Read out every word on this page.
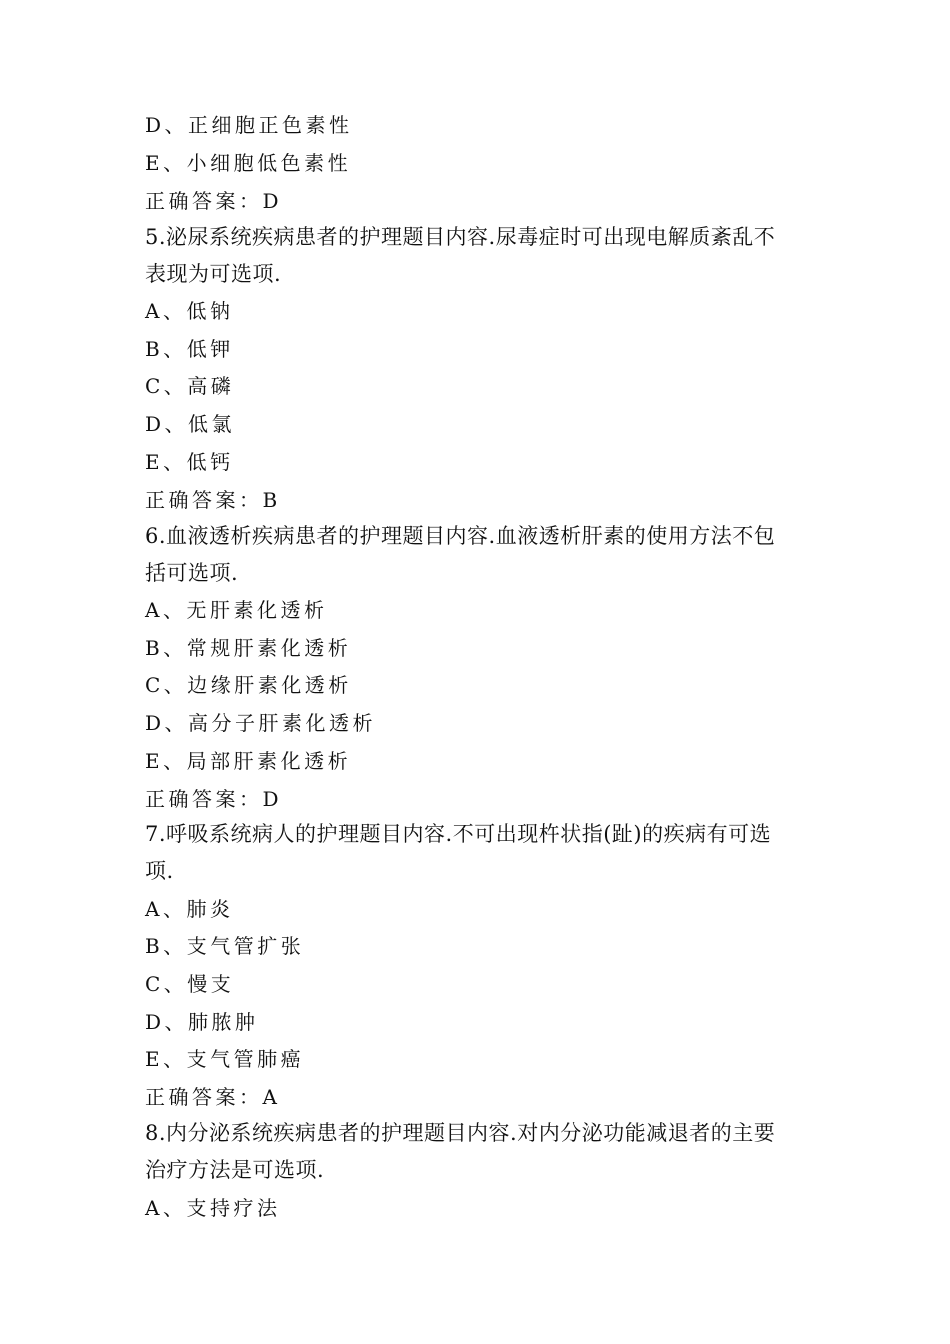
D、正细胞正色素性
E、小细胞低色素性
正确答案：D
5.泌尿系统疾病患者的护理题目内容.尿毒症时可出现电解质紊乱不
表现为可选项.
A、低钠
B、低钾
C、高磷
D、低氯
E、低钙
正确答案：B
6.血液透析疾病患者的护理题目内容.血液透析肝素的使用方法不包
括可选项.
A、无肝素化透析
B、常规肝素化透析
C、边缘肝素化透析
D、高分子肝素化透析
E、局部肝素化透析
正确答案：D
7.呼吸系统病人的护理题目内容.不可出现杵状指(趾)的疾病有可选
项.
A、肺炎
B、支气管扩张
C、慢支
D、肺脓肿
E、支气管肺癌
正确答案：A
8.内分泌系统疾病患者的护理题目内容.对内分泌功能减退者的主要
治疗方法是可选项.
A、支持疗法
